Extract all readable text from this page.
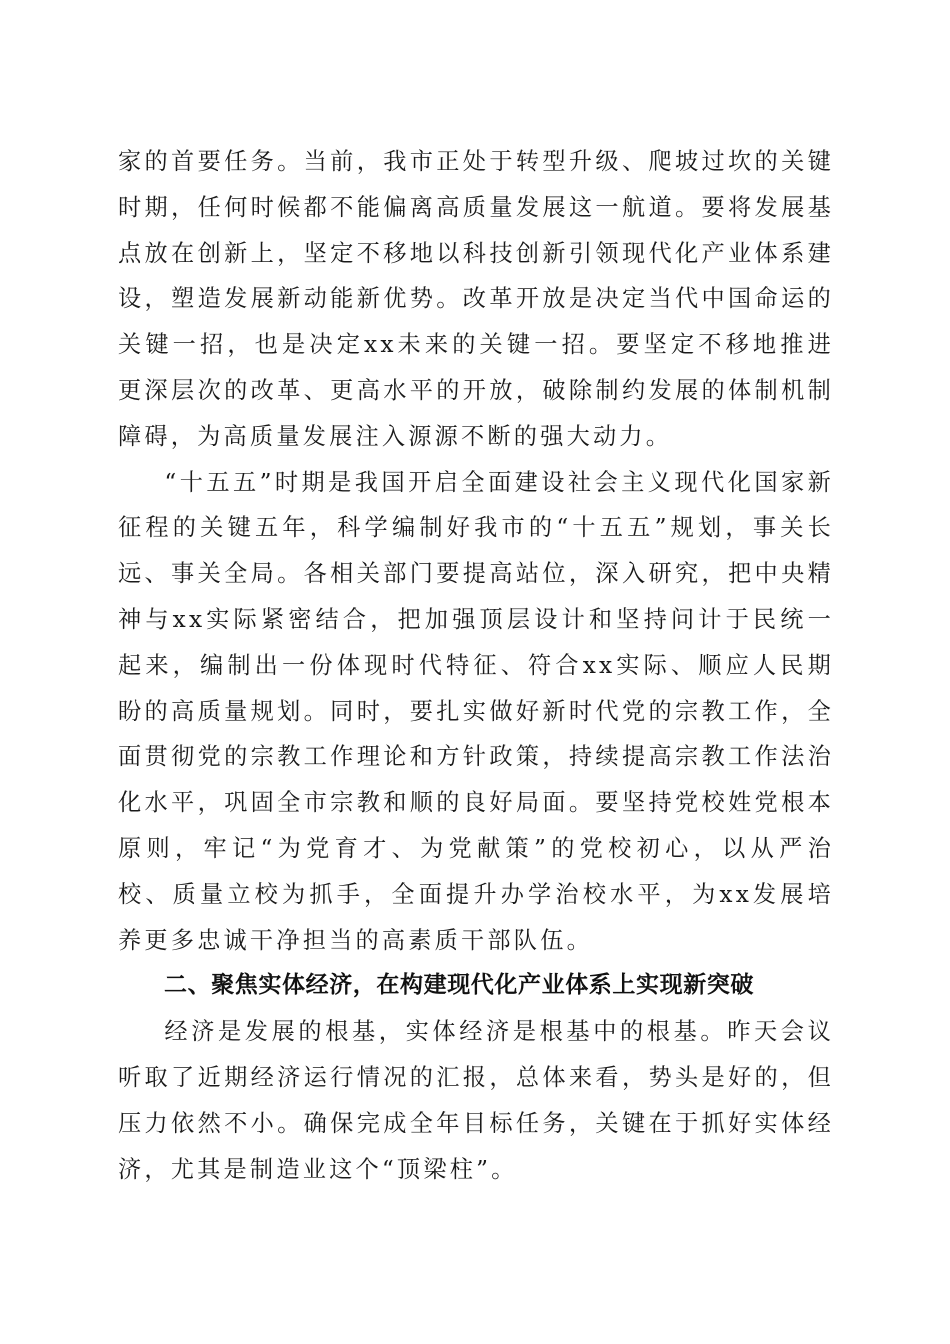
家的首要任务。当前，我市正处于转型升级、爬坡过坎的关键时期，任何时候都不能偏离高质量发展这一航道。要将发展基点放在创新上，坚定不移地以科技创新引领现代化产业体系建设，塑造发展新动能新优势。改革开放是决定当代中国命运的关键一招，也是决定xx未来的关键一招。要坚定不移地推进更深层次的改革、更高水平的开放，破除制约发展的体制机制障碍，为高质量发展注入源源不断的强大动力。

“十五五”时期是我国开启全面建设社会主义现代化国家新征程的关键五年，科学编制好我市的“十五五”规划，事关长远、事关全局。各相关部门要提高站位，深入研究，把中央精神与xx实际紧密结合，把加强顶层设计和坚持问计于民统一起来，编制出一份体现时代特征、符合xx实际、顺应人民期盼的高质量规划。同时，要扎实做好新时代党的宗教工作，全面贯彻党的宗教工作理论和方针政策，持续提高宗教工作法治化水平，巩固全市宗教和顺的良好局面。要坚持党校姓党根本原则，牢记“为党育才、为党献策”的党校初心，以从严治校、质量立校为抓手，全面提升办学治校水平，为xx发展培养更多忠诚干净担当的高素质干部队伍。

二、聚焦实体经济，在构建现代化产业体系上实现新突破

经济是发展的根基，实体经济是根基中的根基。昨天会议听取了近期经济运行情况的汇报，总体来看，势头是好的，但压力依然不小。确保完成全年目标任务，关键在于抓好实体经济，尤其是制造业这个“顶梁柱”。
